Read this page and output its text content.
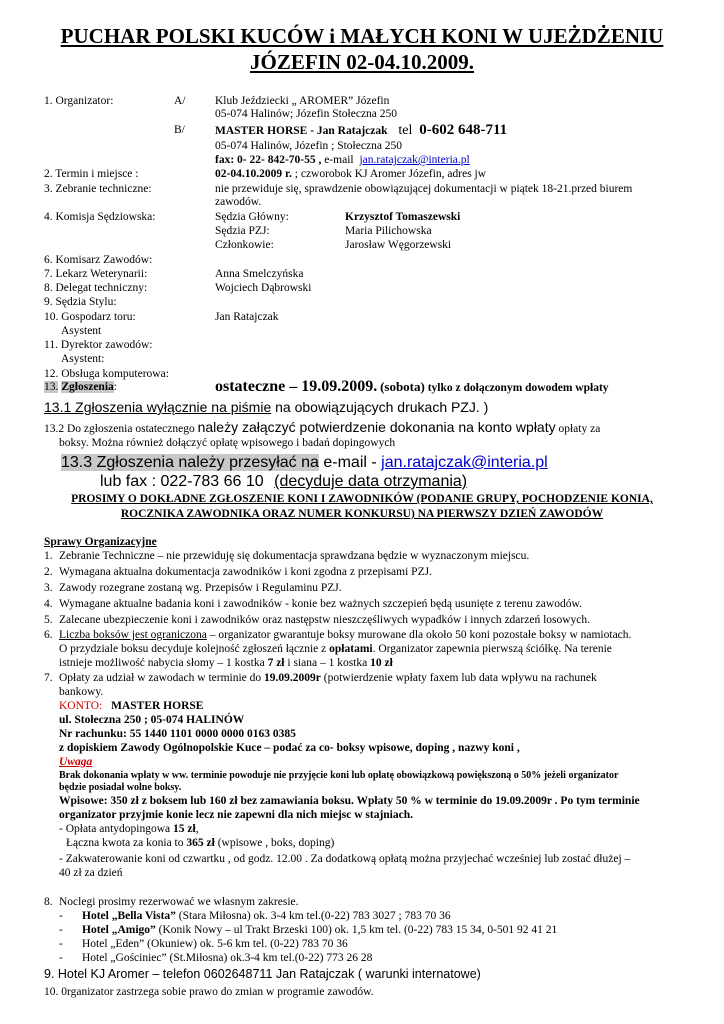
PUCHAR POLSKI KUCÓW i MAŁYCH KONI W UJEŻDŻENIU
JÓZEFIN 02-04.10.2009.
1. Organizator:	A/	Klub Jeździecki „ AROMER” Józefin
05-074 Halinów; Józefin Stołeczna 250
B/	MASTER HORSE - Jan Ratajczak tel 0-602 648-711
05-074 Halinów, Józefin ; Stołeczna 250
fax: 0- 22- 842-70-55 , e-mail jan.ratajczak@interia.pl
2. Termin i miejsce :	02-04.10.2009 r. ; czworobok KJ Aromer Józefin, adres jw
3. Zebranie techniczne:	nie przewiduje się, sprawdzenie obowiązującej dokumentacji w piątek 18-21.przed biurem
zawodów.
4. Komisja Sędziowska:	Sędzia Główny:	Krzysztof Tomaszewski
Sędzia PZJ:	Maria Pilichowska
Członkowie:	Jarosław Węgorzewski
6. Komisarz Zawodów:
7. Lekarz Weterynarii:	Anna Smelczyńska
8. Delegat techniczny:	Wojciech Dąbrowski
9. Sędzia Stylu:
10. Gospodarz toru:	Jan Ratajczak
Asystent
11. Dyrektor zawodów:
Asystent:
12. Obsługa komputerowa:
13. Zgłoszenia:	ostateczne – 19.09.2009. (sobota) tylko z dołączonym dowodem wpłaty
13.1 Zgłoszenia wyłącznie na piśmie na obowiązujących drukach PZJ. )
13.2 Do zgłoszenia ostatecznego należy załączyć potwierdzenie dokonania na konto wpłaty opłaty za
boksy. Można również dołączyć opłatę wpisowego i badań dopingowych
13.3 Zgłoszenia należy przesyłać na e-mail - jan.ratajczak@interia.pl
lub fax : 022-783 66 10 (decyduje data otrzymania)
PROSIMY O DOKŁADNE ZGŁOSZENIE KONI I ZAWODNIKÓW (PODANIE GRUPY, POCHODZENIE KONIA,
ROCZNIKA ZAWODNIKA ORAZ NUMER KONKURSU) NA PIERWSZY DZIEŃ ZAWODÓW
Sprawy Organizacyjne
1. Zebranie Techniczne – nie przewiduję się dokumentacja sprawdzana będzie w wyznaczonym miejscu.
2. Wymagana aktualna dokumentacja zawodników i koni zgodna z przepisami PZJ.
3. Zawody rozegrane zostaną wg. Przepisów i Regulaminu PZJ.
4. Wymagane aktualne badania koni i zawodników - konie bez ważnych szczepień będą usunięte z terenu zawodów.
5. Zalecane ubezpieczenie koni i zawodników oraz następstw nieszczęśliwych wypadków i innych zdarzeń losowych.
6. Liczba boksów jest ograniczona – organizator gwarantuje boksy murowane dla około 50 koni pozostałe boksy w namiotach.
O przydziale boksu decyduje kolejność zgłoszeń łącznie z opłatami. Organizator zapewnia pierwszą ściółkę. Na terenie
istnieje możliwość nabycia słomy – 1 kostka 7 zł i siana – 1 kostka 10 zł
7. Opłaty za udział w zawodach w terminie do 19.09.2009r (potwierdzenie wpłaty faxem lub data wpływu na rachunek
bankowy.
KONTO: MASTER HORSE
ul. Stołeczna 250 ; 05-074 HALINÓW
Nr rachunku: 55 1440 1101 0000 0000 0163 0385
z dopiskiem Zawody Ogólnopolskie Kuce – podać za co- boksy wpisowe, doping , nazwy koni ,
Uwaga
Brak dokonania wpłaty w ww. terminie powoduje nie przyjęcie koni lub opłatę obowiązkową powiększoną o 50% jeżeli organizator
będzie posiadał wolne boksy.
Wpisowe: 350 zł z boksem lub 160 zł bez zamawiania boksu. Wpłaty 50 % w terminie do 19.09.2009r . Po tym terminie
organizator przyjmie konie lecz nie zapewni dla nich miejsc w stajniach.
- Opłata antydopingowa 15 zł,
Łączna kwota za konia to 365 zł (wpisowe , boks, doping)
- Zakwaterowanie koni od czwartku , od godz. 12.00 . Za dodatkową opłatą można przyjechać wcześniej lub zostać dłużej –
40 zł za dzień
8. Noclegi prosimy rezerwować we własnym zakresie.
- Hotel „Bella Vista” (Stara Miłosna) ok. 3-4 km tel.(0-22) 783 3027 ; 783 70 36
- Hotel „Amigo” (Konik Nowy – ul Trakt Brzeski 100) ok. 1,5 km tel. (0-22) 783 15 34, 0-501 92 41 21
- Hotel „Eden” (Okuniew) ok. 5-6 km tel. (0-22) 783 70 36
- Hotel „Gościniec” (St.Miłosna) ok.3-4 km tel.(0-22) 773 26 28
9. Hotel KJ Aromer – telefon 0602648711 Jan Ratajczak ( warunki internatowe)
10. 0rganizator zastrzega sobie prawo do zmian w programie zawodów.
